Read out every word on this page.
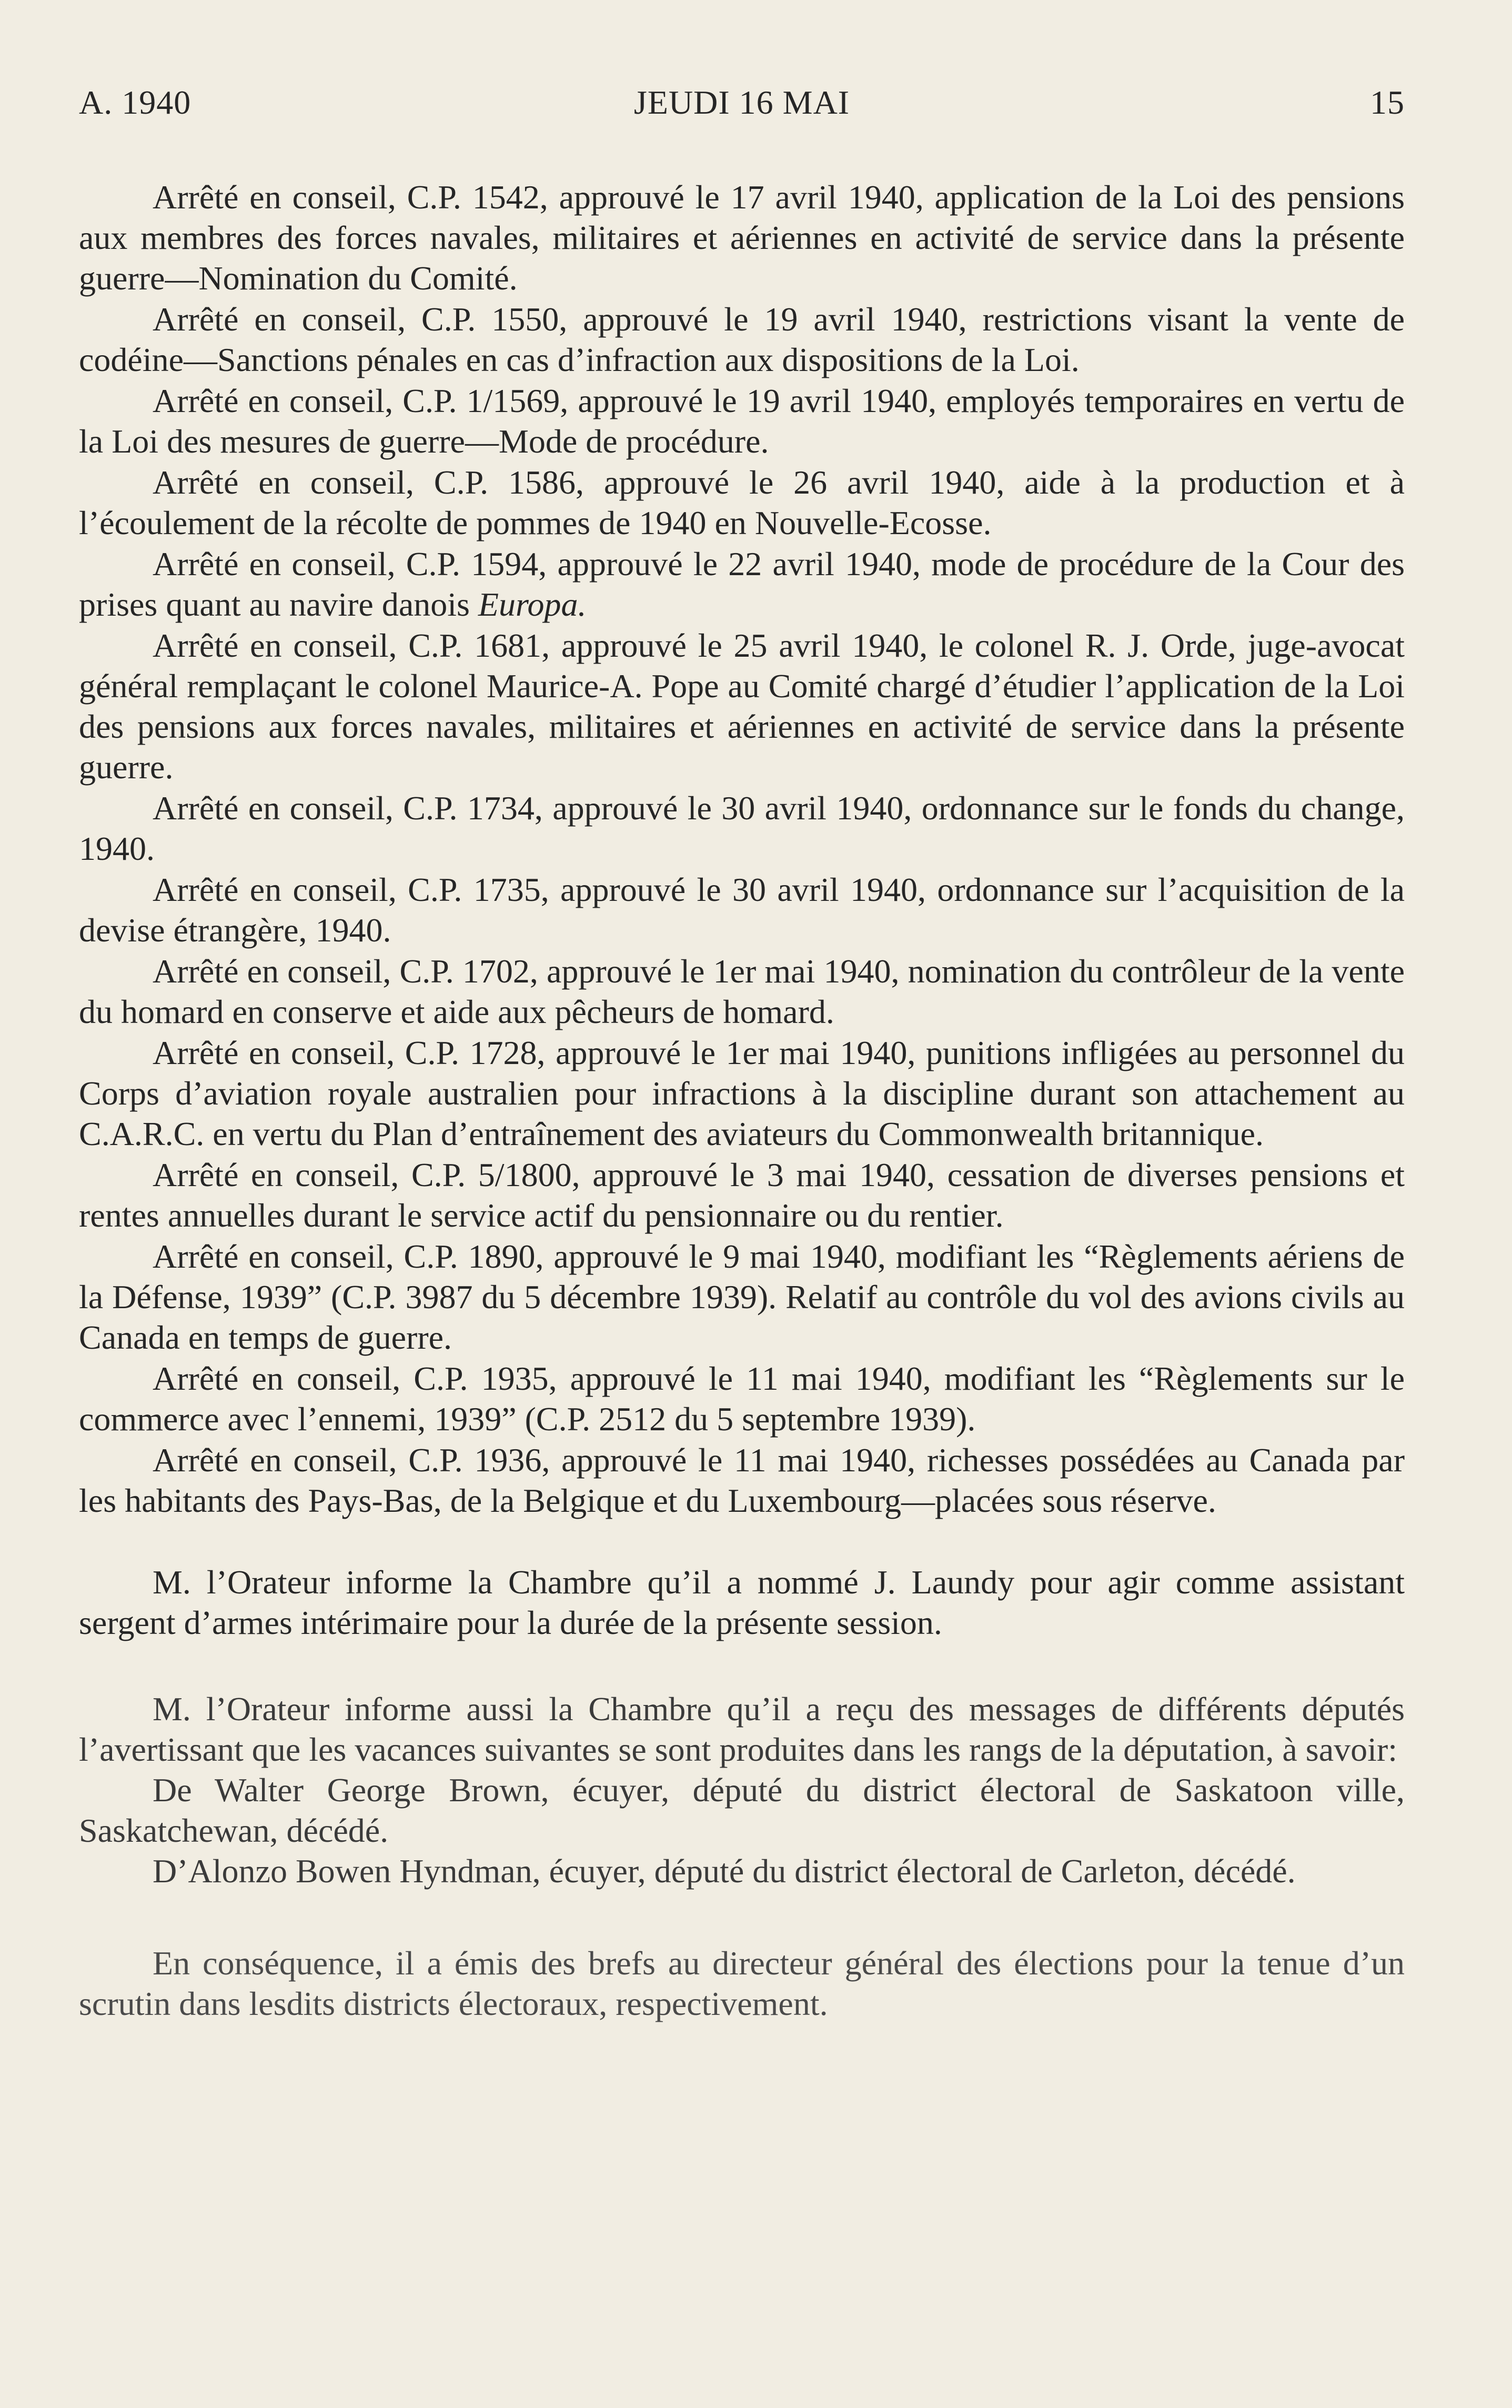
A. 1940	JEUDI 16 MAI	15

Arrêté en conseil, C.P. 1542, approuvé le 17 avril 1940, application de la Loi des pensions aux membres des forces navales, militaires et aériennes en activité de service dans la présente guerre—Nomination du Comité.

Arrêté en conseil, C.P. 1550, approuvé le 19 avril 1940, restrictions visant la vente de codéine—Sanctions pénales en cas d’infraction aux dispositions de la Loi.

Arrêté en conseil, C.P. 1/1569, approuvé le 19 avril 1940, employés temporaires en vertu de la Loi des mesures de guerre—Mode de procédure.

Arrêté en conseil, C.P. 1586, approuvé le 26 avril 1940, aide à la production et à l’écoulement de la récolte de pommes de 1940 en Nouvelle-Ecosse.

Arrêté en conseil, C.P. 1594, approuvé le 22 avril 1940, mode de procédure de la Cour des prises quant au navire danois Europa.

Arrêté en conseil, C.P. 1681, approuvé le 25 avril 1940, le colonel R. J. Orde, juge-avocat général remplaçant le colonel Maurice-A. Pope au Comité chargé d’étudier l’application de la Loi des pensions aux forces navales, militaires et aériennes en activité de service dans la présente guerre.

Arrêté en conseil, C.P. 1734, approuvé le 30 avril 1940, ordonnance sur le fonds du change, 1940.

Arrêté en conseil, C.P. 1735, approuvé le 30 avril 1940, ordonnance sur l’acquisition de la devise étrangère, 1940.

Arrêté en conseil, C.P. 1702, approuvé le 1er mai 1940, nomination du contrôleur de la vente du homard en conserve et aide aux pêcheurs de homard.

Arrêté en conseil, C.P. 1728, approuvé le 1er mai 1940, punitions infligées au personnel du Corps d’aviation royale australien pour infractions à la discipline durant son attachement au C.A.R.C. en vertu du Plan d’entraînement des aviateurs du Commonwealth britannique.

Arrêté en conseil, C.P. 5/1800, approuvé le 3 mai 1940, cessation de diverses pensions et rentes annuelles durant le service actif du pensionnaire ou du rentier.

Arrêté en conseil, C.P. 1890, approuvé le 9 mai 1940, modifiant les “Règlements aériens de la Défense, 1939” (C.P. 3987 du 5 décembre 1939). Relatif au contrôle du vol des avions civils au Canada en temps de guerre.

Arrêté en conseil, C.P. 1935, approuvé le 11 mai 1940, modifiant les “Règlements sur le commerce avec l’ennemi, 1939” (C.P. 2512 du 5 septembre 1939).

Arrêté en conseil, C.P. 1936, approuvé le 11 mai 1940, richesses possédées au Canada par les habitants des Pays-Bas, de la Belgique et du Luxembourg—placées sous réserve.

M. l’Orateur informe la Chambre qu’il a nommé J. Laundy pour agir comme assistant sergent d’armes intérimaire pour la durée de la présente session.

M. l’Orateur informe aussi la Chambre qu’il a reçu des messages de différents députés l’avertissant que les vacances suivantes se sont produites dans les rangs de la députation, à savoir:

De Walter George Brown, écuyer, député du district électoral de Saskatoon ville, Saskatchewan, décédé.

D’Alonzo Bowen Hyndman, écuyer, député du district électoral de Carleton, décédé.

En conséquence, il a émis des brefs au directeur général des élections pour la tenue d’un scrutin dans lesdits districts électoraux, respectivement.
